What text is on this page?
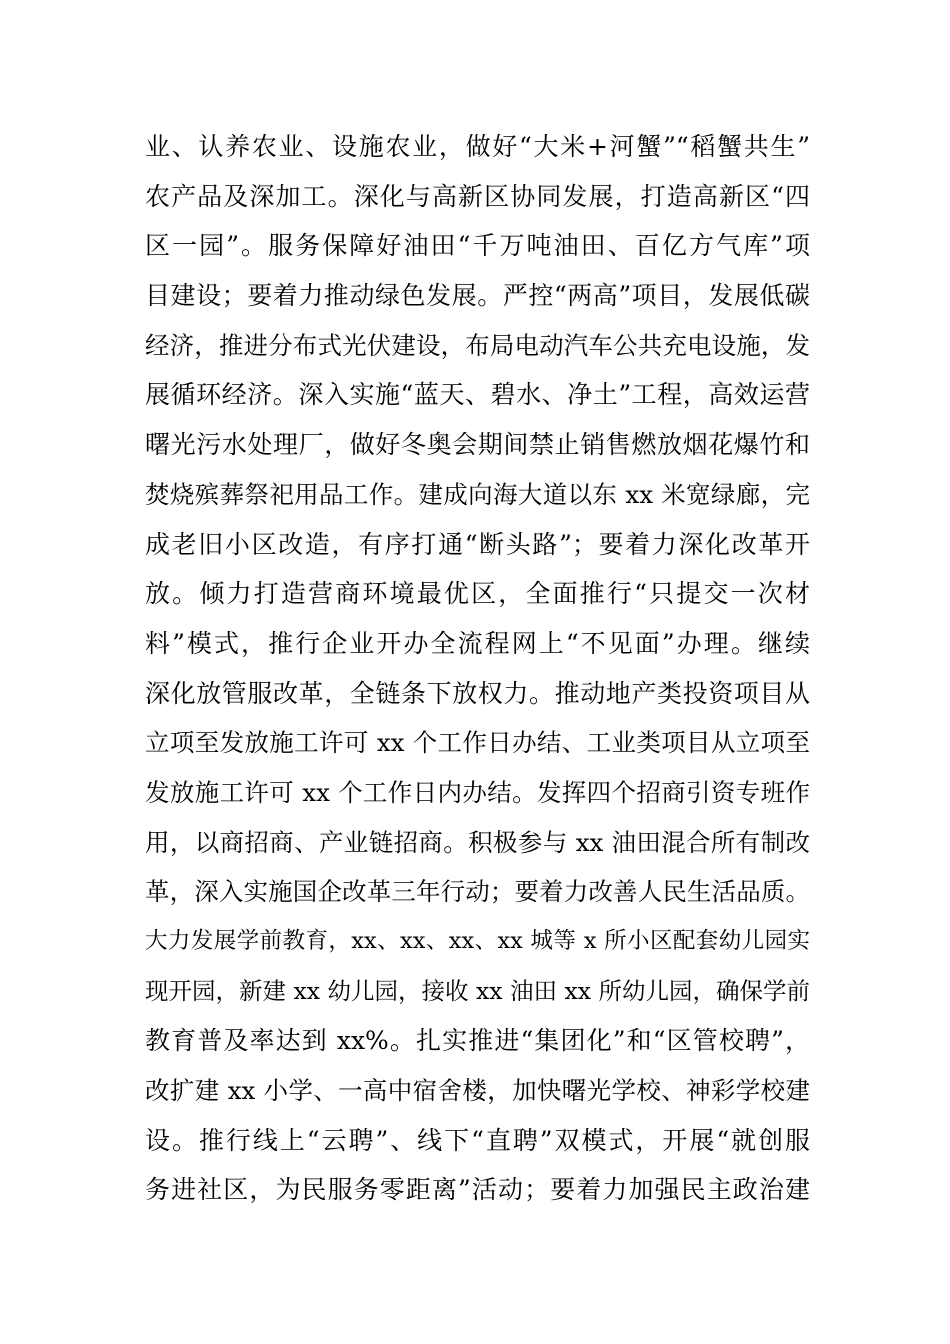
业、认养农业、设施农业，做好“大米+河蟹”“稻蟹共生”
农产品及深加工。深化与高新区协同发展，打造高新区“四
区一园”。服务保障好油田“千万吨油田、百亿方气库”项
目建设；要着力推动绿色发展。严控“两高”项目，发展低碳
经济，推进分布式光伏建设，布局电动汽车公共充电设施，发
展循环经济。深入实施“蓝天、碧水、净土”工程，高效运营
曙光污水处理厂，做好冬奥会期间禁止销售燃放烟花爆竹和
焚烧殡葬祭祀用品工作。建成向海大道以东 xx 米宽绿廊，完
成老旧小区改造，有序打通“断头路”；要着力深化改革开
放。倾力打造营商环境最优区，全面推行“只提交一次材
料”模式，推行企业开办全流程网上“不见面”办理。继续
深化放管服改革，全链条下放权力。推动地产类投资项目从
立项至发放施工许可 xx 个工作日办结、工业类项目从立项至
发放施工许可 xx 个工作日内办结。发挥四个招商引资专班作
用，以商招商、产业链招商。积极参与 xx 油田混合所有制改
革，深入实施国企改革三年行动；要着力改善人民生活品质。
大力发展学前教育，xx、xx、xx、xx 城等 x 所小区配套幼儿园实
现开园，新建 xx 幼儿园，接收 xx 油田 xx 所幼儿园，确保学前
教育普及率达到 xx%。扎实推进“集团化”和“区管校聘”，
改扩建 xx 小学、一高中宿舍楼，加快曙光学校、神彩学校建
设。推行线上“云聘”、线下“直聘”双模式，开展“就创服
务进社区，为民服务零距离”活动；要着力加强民主政治建
